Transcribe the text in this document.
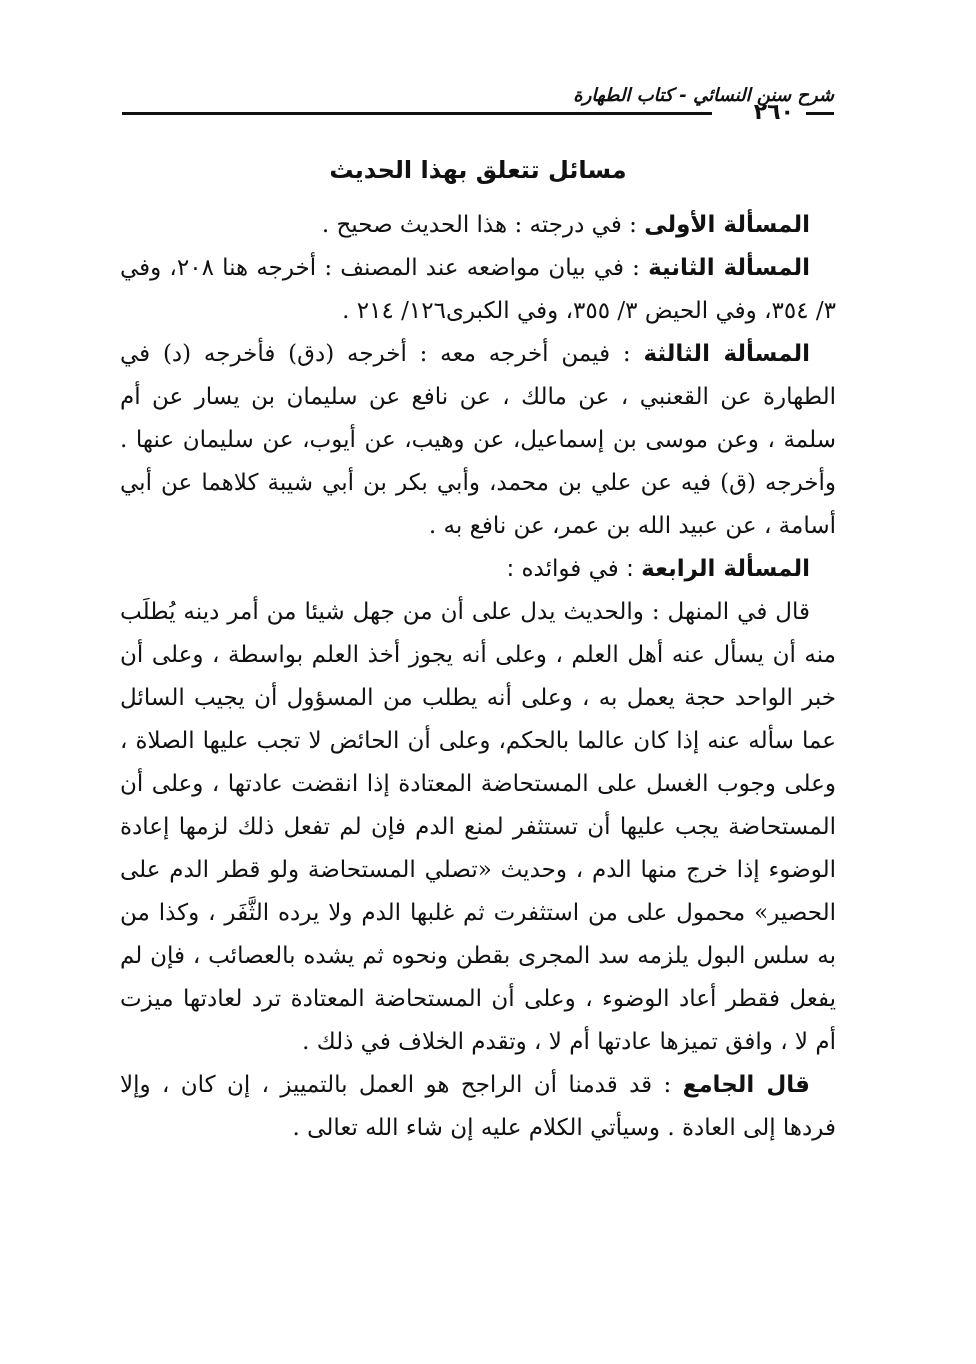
شرح سنن النسائي - كتاب الطهارة
٢٦٠
مسائل تتعلق بهذا الحديث

المسألة الأولى : في درجته : هذا الحديث صحيح .

المسألة الثانية : في بيان مواضعه عند المصنف : أخرجه هنا ٢٠٨، وفي ٣/ ٣٥٤، وفي الحيض ٣/ ٣٥٥، وفي الكبرى١٢٦/ ٢١٤ .

المسألة الثالثة : فيمن أخرجه معه : أخرجه (دق) فأخرجه (د) في الطهارة عن القعنبي ، عن مالك ، عن نافع عن سليمان بن يسار عن أم سلمة ، وعن موسى بن إسماعيل، عن وهيب، عن أيوب، عن سليمان عنها . وأخرجه (ق) فيه عن علي بن محمد، وأبي بكر بن أبي شيبة كلاهما عن أبي أسامة ، عن عبيد الله بن عمر، عن نافع به .

المسألة الرابعة : في فوائده :

قال في المنهل : والحديث يدل على أن من جهل شيئا من أمر دينه يُطلَب منه أن يسأل عنه أهل العلم ، وعلى أنه يجوز أخذ العلم بواسطة ، وعلى أن خبر الواحد حجة يعمل به ، وعلى أنه يطلب من المسؤول أن يجيب السائل عما سأله عنه إذا كان عالما بالحكم، وعلى أن الحائض لا تجب عليها الصلاة ، وعلى وجوب الغسل على المستحاضة المعتادة إذا انقضت عادتها ، وعلى أن المستحاضة يجب عليها أن تستثفر لمنع الدم فإن لم تفعل ذلك لزمها إعادة الوضوء إذا خرج منها الدم ، وحديث «تصلي المستحاضة ولو قطر الدم على الحصير» محمول على من استثفرت ثم غلبها الدم ولا يرده الثَّفَر ، وكذا من به سلس البول يلزمه سد المجرى بقطن ونحوه ثم يشده بالعصائب ، فإن لم يفعل فقطر أعاد الوضوء ، وعلى أن المستحاضة المعتادة ترد لعادتها ميزت أم لا ، وافق تميزها عادتها أم لا ، وتقدم الخلاف في ذلك .

قال الجامع : قد قدمنا أن الراجح هو العمل بالتمييز ، إن كان ، وإلا فردها إلى العادة . وسيأتي الكلام عليه إن شاء الله تعالى .
